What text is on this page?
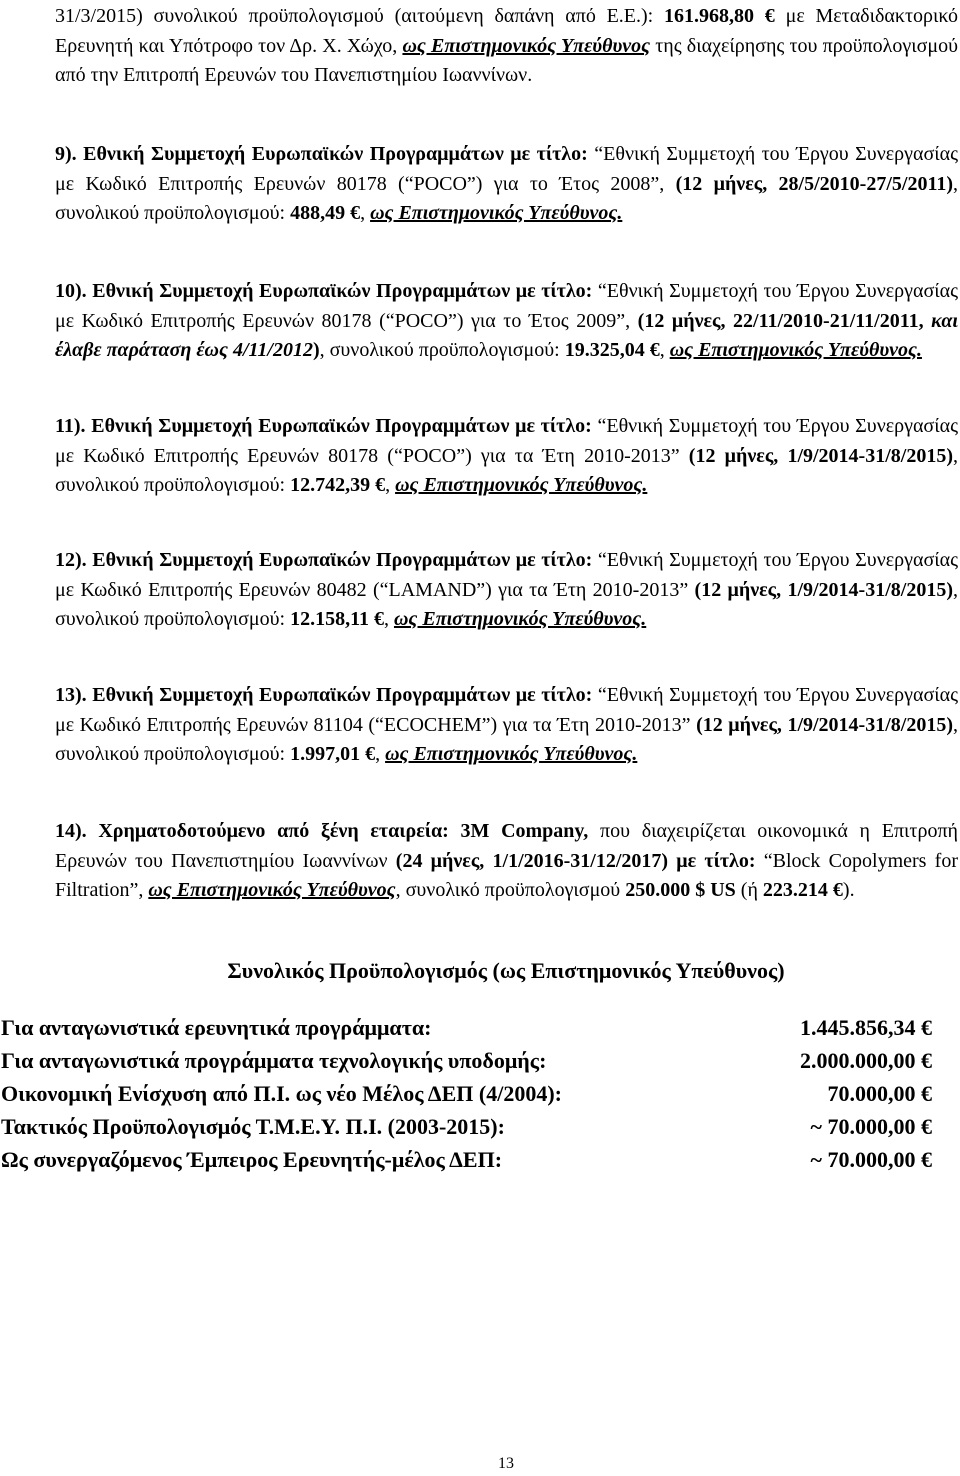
31/3/2015) συνολικού προϋπολογισμού (αιτούμενη δαπάνη από Ε.Ε.): 161.968,80 € με Μεταδιδακτορικό Ερευνητή και Υπότροφο τον Δρ. Χ. Χώχο, ως Επιστημονικός Υπεύθυνος της διαχείρησης του προϋπολογισμού από την Επιτροπή Ερευνών του Πανεπιστημίου Ιωαννίνων.

9). Εθνική Συμμετοχή Ευρωπαϊκών Προγραμμάτων με τίτλο: “Εθνική Συμμετοχή του Έργου Συνεργασίας με Κωδικό Επιτροπής Ερευνών 80178 (“POCO”) για το Έτος 2008”, (12 μήνες, 28/5/2010-27/5/2011), συνολικού προϋπολογισμού: 488,49 €, ως Επιστημονικός Υπεύθυνος.

10). Εθνική Συμμετοχή Ευρωπαϊκών Προγραμμάτων με τίτλο: “Εθνική Συμμετοχή του Έργου Συνεργασίας με Κωδικό Επιτροπής Ερευνών 80178 (“POCO”) για το Έτος 2009”, (12 μήνες, 22/11/2010-21/11/2011, και έλαβε παράταση έως 4/11/2012), συνολικού προϋπολογισμού: 19.325,04 €, ως Επιστημονικός Υπεύθυνος.

11). Εθνική Συμμετοχή Ευρωπαϊκών Προγραμμάτων με τίτλο: “Εθνική Συμμετοχή του Έργου Συνεργασίας με Κωδικό Επιτροπής Ερευνών 80178 (“POCO”) για τα Έτη 2010-2013” (12 μήνες, 1/9/2014-31/8/2015), συνολικού προϋπολογισμού: 12.742,39 €, ως Επιστημονικός Υπεύθυνος.

12). Εθνική Συμμετοχή Ευρωπαϊκών Προγραμμάτων με τίτλο: “Εθνική Συμμετοχή του Έργου Συνεργασίας με Κωδικό Επιτροπής Ερευνών 80482 (“LAMAND”) για τα Έτη 2010-2013” (12 μήνες, 1/9/2014-31/8/2015), συνολικού προϋπολογισμού: 12.158,11 €, ως Επιστημονικός Υπεύθυνος.

13). Εθνική Συμμετοχή Ευρωπαϊκών Προγραμμάτων με τίτλο: “Εθνική Συμμετοχή του Έργου Συνεργασίας με Κωδικό Επιτροπής Ερευνών 81104 (“ECOCHEM”) για τα Έτη 2010-2013” (12 μήνες, 1/9/2014-31/8/2015), συνολικού προϋπολογισμού: 1.997,01 €, ως Επιστημονικός Υπεύθυνος.

14). Χρηματοδοτούμενο από ξένη εταιρεία: 3M Company, που διαχειρίζεται οικονομικά η Επιτροπή Ερευνών του Πανεπιστημίου Ιωαννίνων (24 μήνες, 1/1/2016-31/12/2017) με τίτλο: “Block Copolymers for Filtration”, ως Επιστημονικός Υπεύθυνος, συνολικό προϋπολογισμού 250.000 $ US (ή 223.214 €).

Συνολικός Προϋπολογισμός (ως Επιστημονικός Υπεύθυνος)

Για ανταγωνιστικά ερευνητικά προγράμματα:	1.445.856,34 €
Για ανταγωνιστικά προγράμματα τεχνολογικής υποδομής:	2.000.000,00 €
Οικονομική Ενίσχυση από Π.Ι. ως νέο Μέλος ΔΕΠ (4/2004):	70.000,00 €
Τακτικός Προϋπολογισμός Τ.Μ.Ε.Υ. Π.Ι. (2003-2015):	~ 70.000,00 €
Ως συνεργαζόμενος Έμπειρος Ερευνητής-μέλος ΔΕΠ:	~ 70.000,00 €

13
